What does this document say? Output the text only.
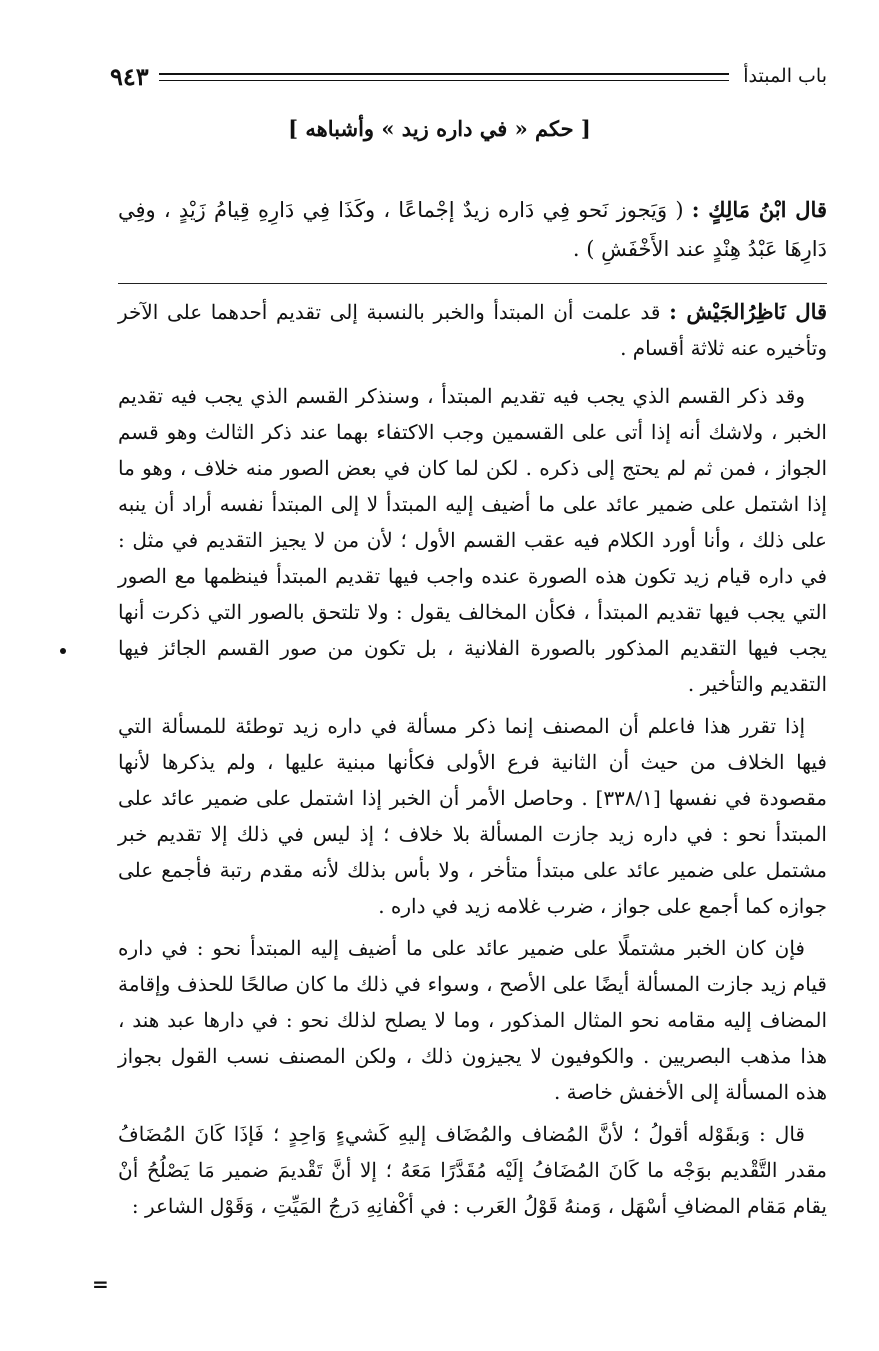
باب المبتدأ
٩٤٣
[ حكم « في داره زيد » وأشباهه ]

قال ابْنُ مَالِكٍ : ( وَيَجوز نَحو فِي دَاره زيدٌ إجْماعًا ، وكَذَا فِي دَارِهِ قِيامُ زَيْدٍ ، وفِي دَارِهَا عَبْدُ هِنْدٍ عند الأَخْفَشِ ) .

قال نَاظِرُالجَيْش : قد علمت أن المبتدأ والخبر بالنسبة إلى تقديم أحدهما على الآخر وتأخيره عنه ثلاثة أقسام .

وقد ذكر القسم الذي يجب فيه تقديم المبتدأ ، وسنذكر القسم الذي يجب فيه تقديم الخبر ، ولاشك أنه إذا أتى على القسمين وجب الاكتفاء بهما عند ذكر الثالث وهو قسم الجواز ، فمن ثم لم يحتج إلى ذكره . لكن لما كان في بعض الصور منه خلاف ، وهو ما إذا اشتمل على ضمير عائد على ما أضيف إليه المبتدأ لا إلى المبتدأ نفسه أراد أن ينبه على ذلك ، وأنا أورد الكلام فيه عقب القسم الأول ؛ لأن من لا يجيز التقديم في مثل : في داره قيام زيد تكون هذه الصورة عنده واجب فيها تقديم المبتدأ فينظمها مع الصور التي يجب فيها تقديم المبتدأ ، فكأن المخالف يقول : ولا تلتحق بالصور التي ذكرت أنها يجب فيها التقديم المذكور بالصورة الفلانية ، بل تكون من صور القسم الجائز فيها التقديم والتأخير .

إذا تقرر هذا فاعلم أن المصنف إنما ذكر مسألة في داره زيد توطئة للمسألة التي فيها الخلاف من حيث أن الثانية فرع الأولى فكأنها مبنية عليها ، ولم يذكرها لأنها مقصودة في نفسها [٣٣٨/١] . وحاصل الأمر أن الخبر إذا اشتمل على ضمير عائد على المبتدأ نحو : في داره زيد جازت المسألة بلا خلاف ؛ إذ ليس في ذلك إلا تقديم خبر مشتمل على ضمير عائد على مبتدأ متأخر ، ولا بأس بذلك لأنه مقدم رتبة فأجمع على جوازه كما أجمع على جواز ، ضرب غلامه زيد في داره .

فإن كان الخبر مشتملًا على ضمير عائد على ما أضيف إليه المبتدأ نحو : في داره قيام زيد جازت المسألة أيضًا على الأصح ، وسواء في ذلك ما كان صالحًا للحذف وإقامة المضاف إليه مقامه نحو المثال المذكور ، وما لا يصلح لذلك نحو : في دارها عبد هند ، هذا مذهب البصريين . والكوفيون لا يجيزون ذلك ، ولكن المصنف نسب القول بجواز هذه المسألة إلى الأخفش خاصة .

قال : وَبقَوْله أقولُ ؛ لأنَّ المُضاف والمُضَاف إليهِ كَشيءٍ وَاحِدٍ ؛ فَإذَا كَانَ المُضَافُ مقدر التَّقْديم بوَجْه ما كَانَ المُضَافُ إلَيْه مُقَدَّرًا مَعَهُ ؛ إلا أنَّ تَقْديمَ ضمير مَا يَصْلُحُ أنْ يقام مَقام المضافِ أسْهَل ، وَمنهُ قَوْلُ العَرب : في أكْفانِهِ دَرجُ المَيِّتِ ، وَقَوْل الشاعر :

=
